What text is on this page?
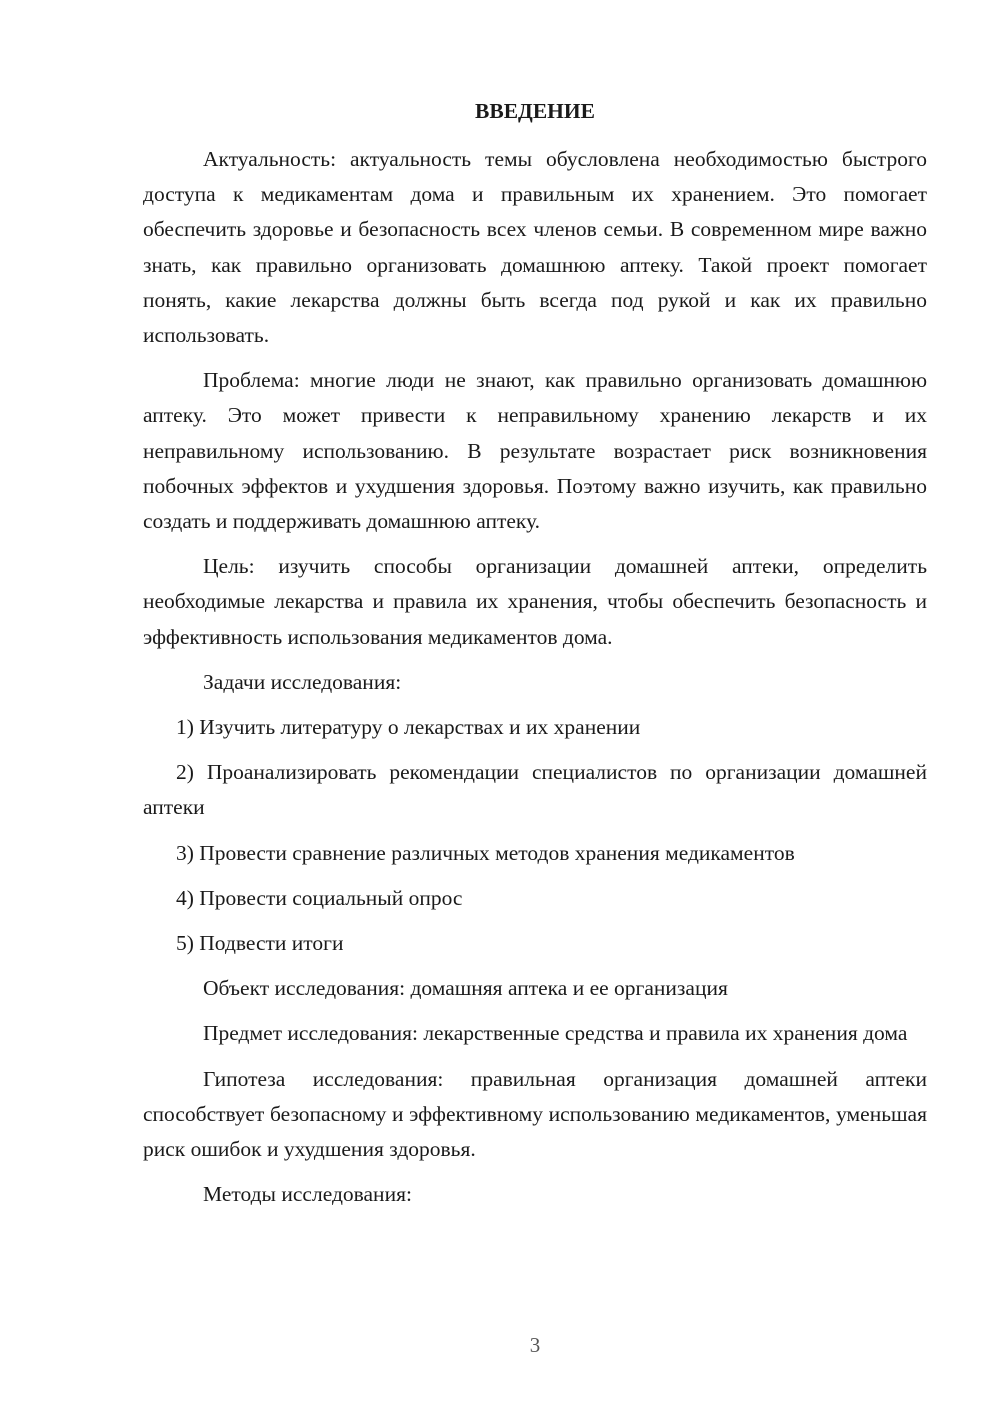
ВВЕДЕНИЕ

Актуальность: актуальность темы обусловлена необходимостью быстрого доступа к медикаментам дома и правильным их хранением. Это помогает обеспечить здоровье и безопасность всех членов семьи. В современном мире важно знать, как правильно организовать домашнюю аптеку. Такой проект помогает понять, какие лекарства должны быть всегда под рукой и как их правильно использовать.

Проблема: многие люди не знают, как правильно организовать домашнюю аптеку. Это может привести к неправильному хранению лекарств и их неправильному использованию. В результате возрастает риск возникновения побочных эффектов и ухудшения здоровья. Поэтому важно изучить, как правильно создать и поддерживать домашнюю аптеку.

Цель: изучить способы организации домашней аптеки, определить необходимые лекарства и правила их хранения, чтобы обеспечить безопасность и эффективность использования медикаментов дома.

Задачи исследования:

1) Изучить литературу о лекарствах и их хранении

2) Проанализировать рекомендации специалистов по организации домашней аптеки

3) Провести сравнение различных методов хранения медикаментов

4) Провести социальный опрос

5) Подвести итоги

Объект исследования: домашняя аптека и ее организация

Предмет исследования: лекарственные средства и правила их хранения дома

Гипотеза исследования: правильная организация домашней аптеки способствует безопасному и эффективному использованию медикаментов, уменьшая риск ошибок и ухудшения здоровья.

Методы исследования:

3
